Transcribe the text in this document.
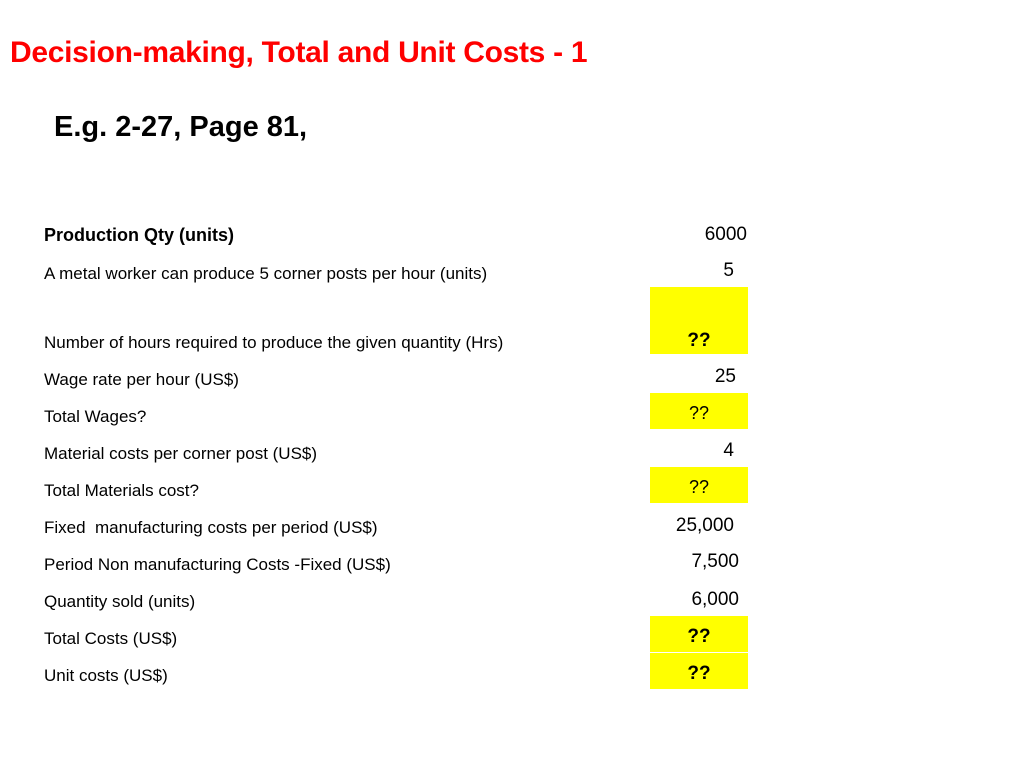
Decision-making, Total and Unit Costs - 1
E.g. 2-27, Page 81,
Production Qty (units)	6000
A metal worker can produce 5 corner posts per hour (units)	5
Number of hours required to produce the given quantity (Hrs)	??
Wage rate per hour (US$)	25
Total Wages?	??
Material costs per corner post (US$)	4
Total Materials cost?	??
Fixed  manufacturing costs per period (US$)	25,000
Period Non manufacturing Costs -Fixed (US$)	7,500
Quantity sold (units)	6,000
Total Costs (US$)	??
Unit costs (US$)	??
